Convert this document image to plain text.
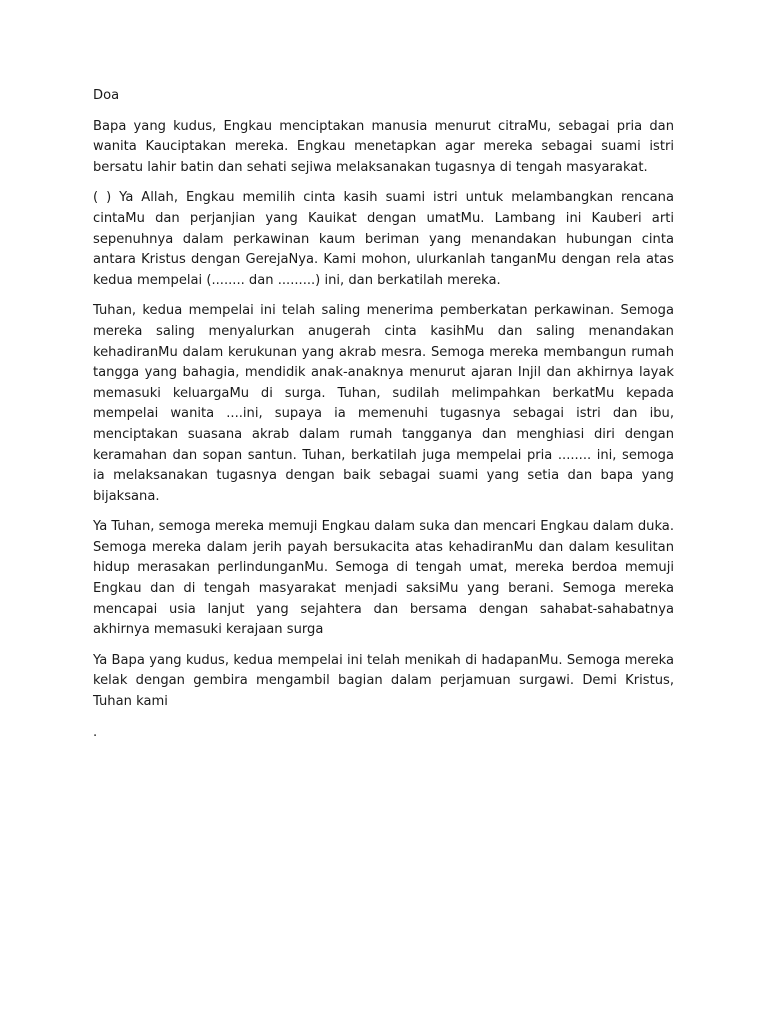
Doa

Bapa yang kudus, Engkau menciptakan manusia menurut citraMu, sebagai pria dan wanita Kauciptakan mereka. Engkau menetapkan agar mereka sebagai suami istri bersatu lahir batin dan sehati sejiwa melaksanakan tugasnya di tengah masyarakat.

( ) Ya Allah, Engkau memilih cinta kasih suami istri untuk melambangkan rencana cintaMu dan perjanjian yang Kauikat dengan umatMu. Lambang ini Kauberi arti sepenuhnya dalam perkawinan kaum beriman yang menandakan hubungan cinta antara Kristus dengan GerejaNya. Kami mohon, ulurkanlah tanganMu dengan rela atas kedua mempelai (........ dan .........) ini, dan berkatilah mereka.

Tuhan, kedua mempelai ini telah saling menerima pemberkatan perkawinan. Semoga mereka saling menyalurkan anugerah cinta kasihMu dan saling menandakan kehadiranMu dalam kerukunan yang akrab mesra. Semoga mereka membangun rumah tangga yang bahagia, mendidik anak-anaknya menurut ajaran Injil dan akhirnya layak memasuki keluargaMu di surga. Tuhan, sudilah melimpahkan berkatMu kepada mempelai wanita ....ini, supaya ia memenuhi tugasnya sebagai istri dan ibu, menciptakan suasana akrab dalam rumah tangganya dan menghiasi diri dengan keramahan dan sopan santun. Tuhan, berkatilah juga mempelai pria ........ ini, semoga ia melaksanakan tugasnya dengan baik sebagai suami yang setia dan bapa yang bijaksana.

Ya Tuhan, semoga mereka memuji Engkau dalam suka dan mencari Engkau dalam duka. Semoga mereka dalam jerih payah bersukacita atas kehadiranMu dan dalam kesulitan hidup merasakan perlindunganMu. Semoga di tengah umat, mereka berdoa memuji Engkau dan di tengah masyarakat menjadi saksiMu yang berani. Semoga mereka mencapai usia lanjut yang sejahtera dan bersama dengan sahabat-sahabatnya akhirnya memasuki kerajaan surga

Ya Bapa yang kudus, kedua mempelai ini telah menikah di hadapanMu. Semoga mereka kelak dengan gembira mengambil bagian dalam perjamuan surgawi. Demi Kristus, Tuhan kami

.
